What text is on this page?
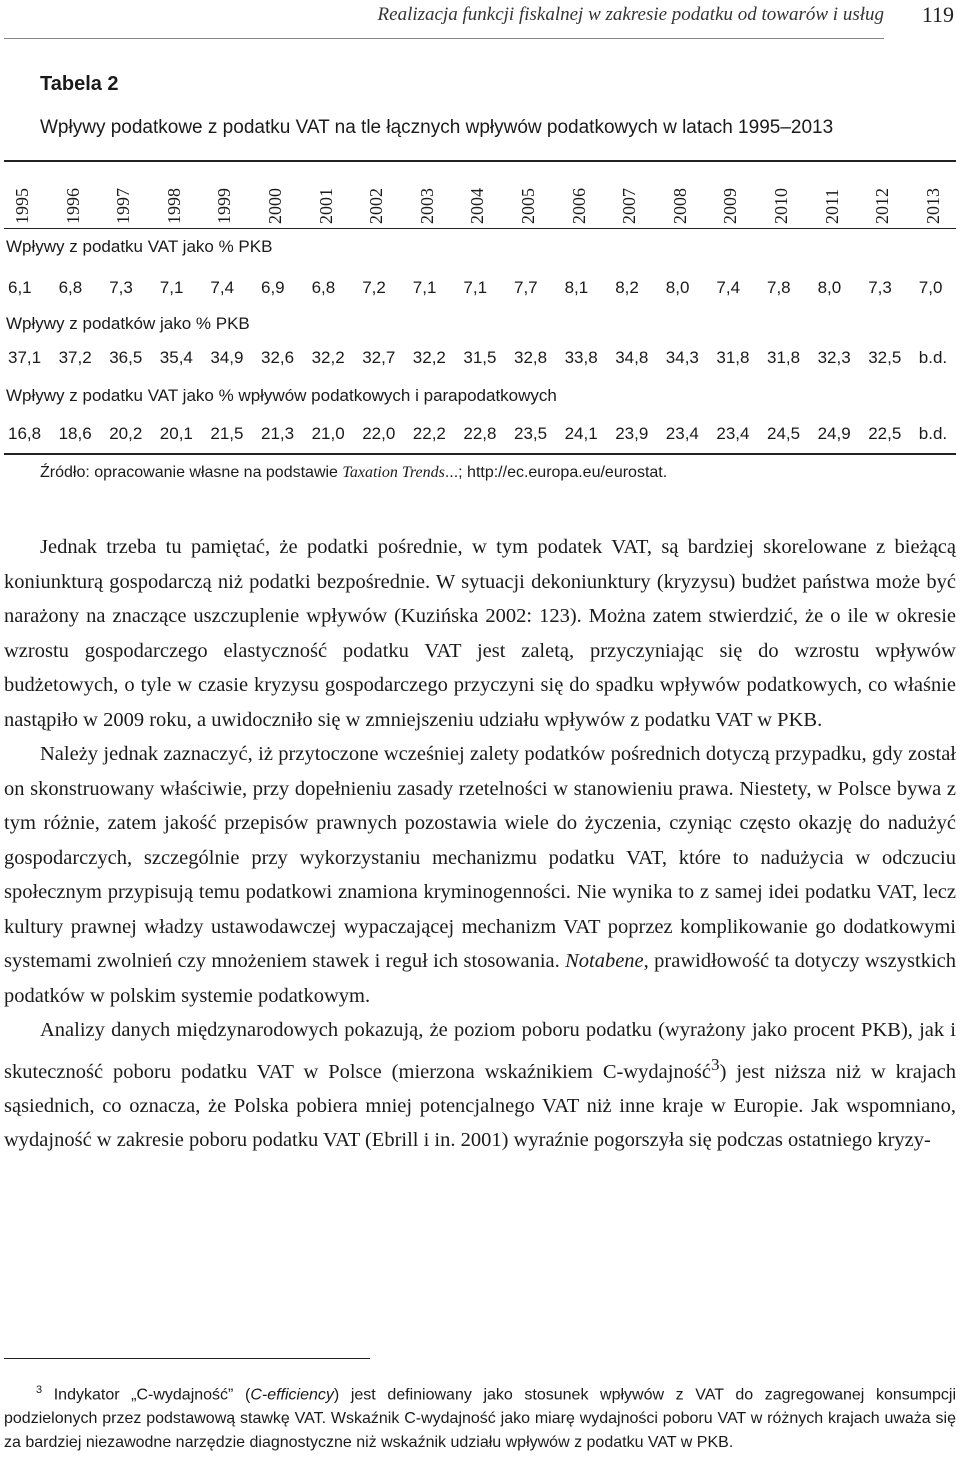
Realizacja funkcji fiskalnej w zakresie podatku od towarów i usług 119
Tabela 2
Wpływy podatkowe z podatku VAT na tle łącznych wpływów podatkowych w latach 1995–2013
1995 1996 1997 1998 1999 2000 2001 2002 2003 2004 2005 2006 2007 2008 2009 2010 2011 2012 2013
Wpływy z podatku VAT jako % PKB
6,1 6,8 7,3 7,1 7,4 6,9 6,8 7,2 7,1 7,1 7,7 8,1 8,2 8,0 7,4 7,8 8,0 7,3 7,0
Wpływy z podatków jako % PKB
37,1 37,2 36,5 35,4 34,9 32,6 32,2 32,7 32,2 31,5 32,8 33,8 34,8 34,3 31,8 31,8 32,3 32,5 b.d.
Wpływy z podatku VAT jako % wpływów podatkowych i parapodatkowych
16,8 18,6 20,2 20,1 21,5 21,3 21,0 22,0 22,2 22,8 23,5 24,1 23,9 23,4 23,4 24,5 24,9 22,5 b.d.
Źródło: opracowanie własne na podstawie Taxation Trends...; http://ec.europa.eu/eurostat.

Jednak trzeba tu pamiętać, że podatki pośrednie, w tym podatek VAT, są bardziej skorelowane z bieżącą koniunkturą gospodarczą niż podatki bezpośrednie. W sytuacji dekoniunktury (kryzysu) budżet państwa może być narażony na znaczące uszczuplenie wpływów (Kuzińska 2002: 123). Można zatem stwierdzić, że o ile w okresie wzrostu gospodarczego elastyczność podatku VAT jest zaletą, przyczyniając się do wzrostu wpływów budżetowych, o tyle w czasie kryzysu gospodarczego przyczyni się do spadku wpływów podatkowych, co właśnie nastąpiło w 2009 roku, a uwidoczniło się w zmniejszeniu udziału wpływów z podatku VAT w PKB.

Należy jednak zaznaczyć, iż przytoczone wcześniej zalety podatków pośrednich dotyczą przypadku, gdy został on skonstruowany właściwie, przy dopełnieniu zasady rzetelności w stanowieniu prawa. Niestety, w Polsce bywa z tym różnie, zatem jakość przepisów prawnych pozostawia wiele do życzenia, czyniąc często okazję do nadużyć gospodarczych, szczególnie przy wykorzystaniu mechanizmu podatku VAT, które to nadużycia w odczuciu społecznym przypisują temu podatkowi znamiona kryminogenności. Nie wynika to z samej idei podatku VAT, lecz kultury prawnej władzy ustawodawczej wypaczającej mechanizm VAT poprzez komplikowanie go dodatkowymi systemami zwolnień czy mnożeniem stawek i reguł ich stosowania. Notabene, prawidłowość ta dotyczy wszystkich podatków w polskim systemie podatkowym.

Analizy danych międzynarodowych pokazują, że poziom poboru podatku (wyrażony jako procent PKB), jak i skuteczność poboru podatku VAT w Polsce (mierzona wskaźnikiem C-wydajność$^3$) jest niższa niż w krajach sąsiednich, co oznacza, że Polska pobiera mniej potencjalnego VAT niż inne kraje w Europie. Jak wspomniano, wydajność w zakresie poboru podatku VAT (Ebrill i in. 2001) wyraźnie pogorszyła się podczas ostatniego kryzy-

$^3$ Indykator „C-wydajność” (C-efficiency) jest definiowany jako stosunek wpływów z VAT do zagregowanej konsumpcji podzielonych przez podstawową stawkę VAT. Wskaźnik C-wydajność jako miarę wydajności poboru VAT w różnych krajach uważa się za bardziej niezawodne narzędzie diagnostyczne niż wskaźnik udziału wpływów z podatku VAT w PKB.
